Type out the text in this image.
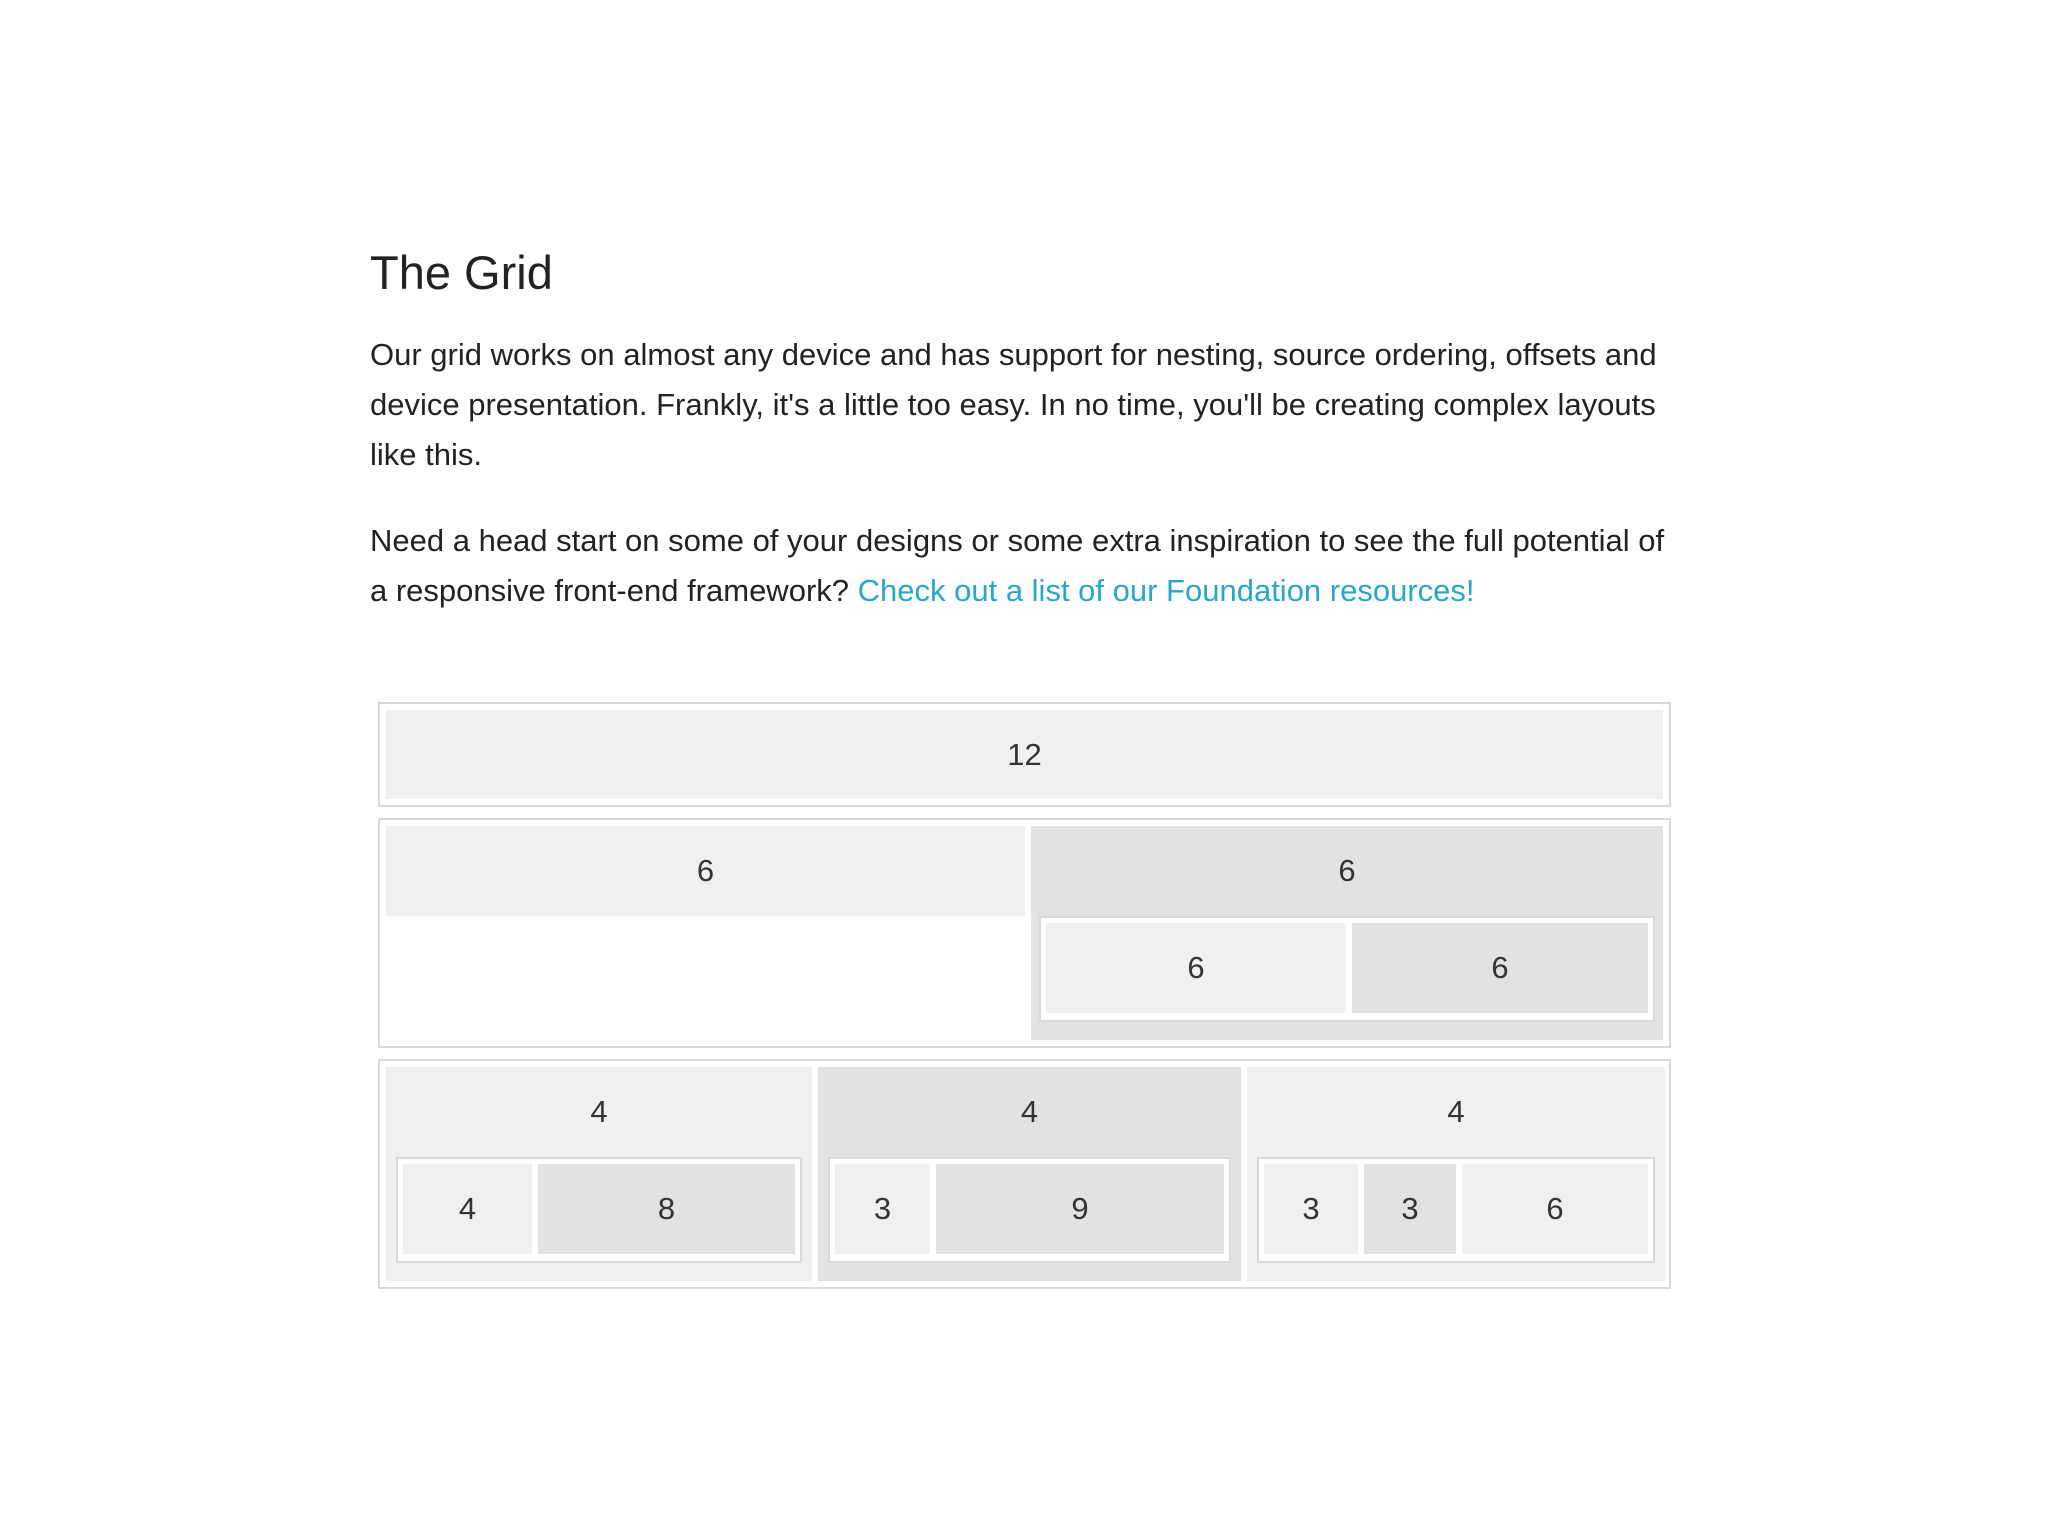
The Grid

Our grid works on almost any device and has support for nesting, source ordering, offsets and device presentation. Frankly, it's a little too easy. In no time, you'll be creating complex layouts like this.

Need a head start on some of your designs or some extra inspiration to see the full potential of a responsive front-end framework? Check out a list of our Foundation resources!

12
6	6
6	6
4
4	8
4
3	9
4
3	3	6
